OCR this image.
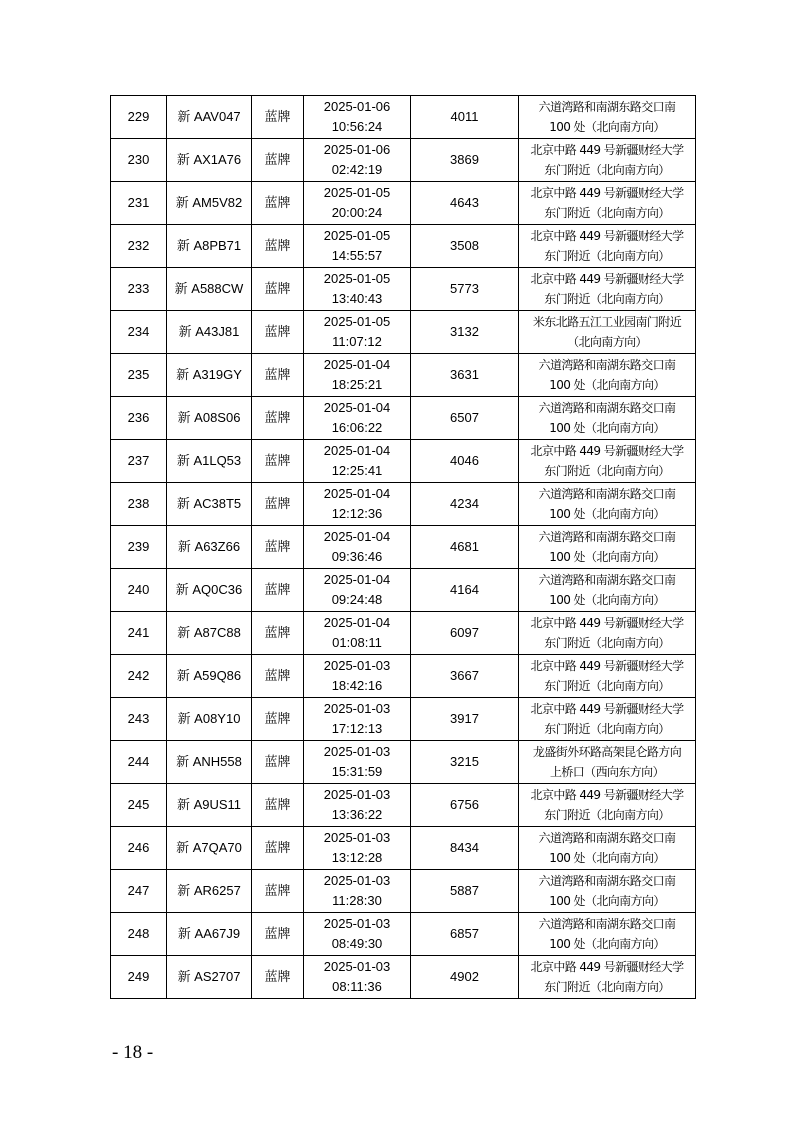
229	新 AAV047	蓝牌	2025-01-06
10:56:24	4011	六道湾路和南湖东路交口南
100 处（北向南方向）

230	新 AX1A76	蓝牌	2025-01-06
02:42:19	3869	北京中路 449 号新疆财经大学
东门附近（北向南方向）

231	新 AM5V82	蓝牌	2025-01-05
20:00:24	4643	北京中路 449 号新疆财经大学
东门附近（北向南方向）

232	新 A8PB71	蓝牌	2025-01-05
14:55:57	3508	北京中路 449 号新疆财经大学
东门附近（北向南方向）

233	新 A588CW	蓝牌	2025-01-05
13:40:43	5773	北京中路 449 号新疆财经大学
东门附近（北向南方向）

234	新 A43J81	蓝牌	2025-01-05
11:07:12	3132	米东北路五江工业园南门附近
（北向南方向）

235	新 A319GY	蓝牌	2025-01-04
18:25:21	3631	六道湾路和南湖东路交口南
100 处（北向南方向）

236	新 A08S06	蓝牌	2025-01-04
16:06:22	6507	六道湾路和南湖东路交口南
100 处（北向南方向）

237	新 A1LQ53	蓝牌	2025-01-04
12:25:41	4046	北京中路 449 号新疆财经大学
东门附近（北向南方向）

238	新 AC38T5	蓝牌	2025-01-04
12:12:36	4234	六道湾路和南湖东路交口南
100 处（北向南方向）

239	新 A63Z66	蓝牌	2025-01-04
09:36:46	4681	六道湾路和南湖东路交口南
100 处（北向南方向）

240	新 AQ0C36	蓝牌	2025-01-04
09:24:48	4164	六道湾路和南湖东路交口南
100 处（北向南方向）

241	新 A87C88	蓝牌	2025-01-04
01:08:11	6097	北京中路 449 号新疆财经大学
东门附近（北向南方向）

242	新 A59Q86	蓝牌	2025-01-03
18:42:16	3667	北京中路 449 号新疆财经大学
东门附近（北向南方向）

243	新 A08Y10	蓝牌	2025-01-03
17:12:13	3917	北京中路 449 号新疆财经大学
东门附近（北向南方向）

244	新 ANH558	蓝牌	2025-01-03
15:31:59	3215	龙盛街外环路高架昆仑路方向
上桥口（西向东方向）

245	新 A9US11	蓝牌	2025-01-03
13:36:22	6756	北京中路 449 号新疆财经大学
东门附近（北向南方向）

246	新 A7QA70	蓝牌	2025-01-03
13:12:28	8434	六道湾路和南湖东路交口南
100 处（北向南方向）

247	新 AR6257	蓝牌	2025-01-03
11:28:30	5887	六道湾路和南湖东路交口南
100 处（北向南方向）

248	新 AA67J9	蓝牌	2025-01-03
08:49:30	6857	六道湾路和南湖东路交口南
100 处（北向南方向）

249	新 AS2707	蓝牌	2025-01-03
08:11:36	4902	北京中路 449 号新疆财经大学
东门附近（北向南方向）
- 18 -
